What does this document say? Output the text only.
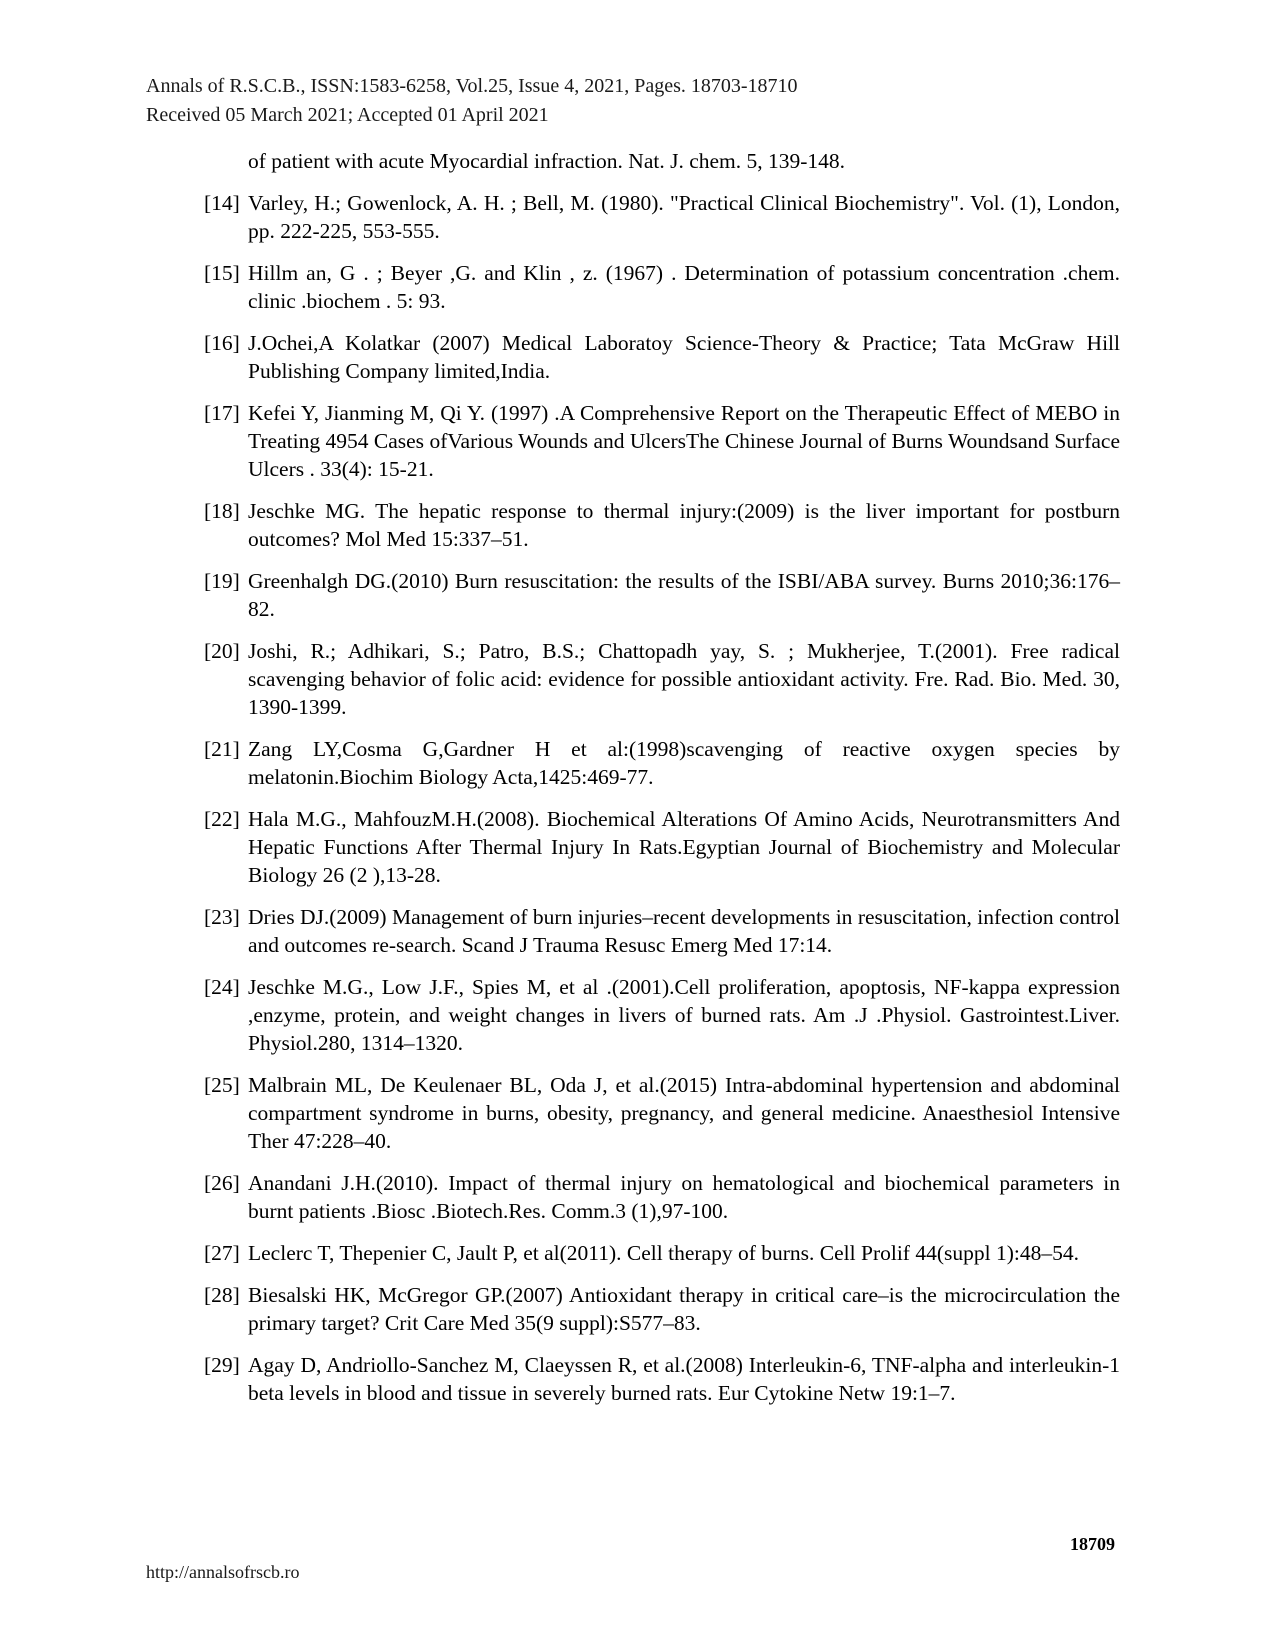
Annals of R.S.C.B., ISSN:1583-6258, Vol.25, Issue 4, 2021, Pages. 18703-18710
Received 05 March 2021; Accepted 01 April 2021
of patient with acute Myocardial infraction. Nat. J. chem. 5, 139-148.
[14] Varley, H.; Gowenlock, A. H. ; Bell, M. (1980). "Practical Clinical Biochemistry". Vol. (1), London, pp. 222-225, 553-555.
[15] Hillm an, G . ; Beyer ,G. and Klin , z. (1967) . Determination of potassium concentration .chem. clinic .biochem . 5: 93.
[16] J.Ochei,A Kolatkar (2007) Medical Laboratoy Science-Theory & Practice; Tata McGraw Hill Publishing Company limited,India.
[17] Kefei Y, Jianming M, Qi Y. (1997) .A Comprehensive Report on the Therapeutic Effect of MEBO in Treating 4954 Cases ofVarious Wounds and UlcersThe Chinese Journal of Burns Woundsand Surface Ulcers . 33(4): 15-21.
[18] Jeschke MG. The hepatic response to thermal injury:(2009) is the liver important for postburn outcomes? Mol Med 15:337–51.
[19] Greenhalgh DG.(2010) Burn resuscitation: the results of the ISBI/ABA survey. Burns 2010;36:176–82.
[20] Joshi, R.; Adhikari, S.; Patro, B.S.; Chattopadh yay, S. ; Mukherjee, T.(2001). Free radical scavenging behavior of folic acid: evidence for possible antioxidant activity. Fre. Rad. Bio. Med. 30, 1390-1399.
[21] Zang LY,Cosma G,Gardner H et al:(1998)scavenging of reactive oxygen species by melatonin.Biochim Biology Acta,1425:469-77.
[22] Hala M.G., MahfouzM.H.(2008). Biochemical Alterations Of Amino Acids, Neurotransmitters And Hepatic Functions After Thermal Injury In Rats.Egyptian Journal of Biochemistry and Molecular Biology 26 (2 ),13-28.
[23] Dries DJ.(2009) Management of burn injuries–recent developments in resuscitation, infection control and outcomes re-search. Scand J Trauma Resusc Emerg Med 17:14.
[24] Jeschke M.G., Low J.F., Spies M, et al .(2001).Cell proliferation, apoptosis, NF-kappa expression ,enzyme, protein, and weight changes in livers of burned rats. Am .J .Physiol. Gastrointest.Liver. Physiol.280, 1314–1320.
[25] Malbrain ML, De Keulenaer BL, Oda J, et al.(2015) Intra-abdominal hypertension and abdominal compartment syndrome in burns, obesity, pregnancy, and general medicine. Anaesthesiol Intensive Ther 47:228–40.
[26] Anandani J.H.(2010). Impact of thermal injury on hematological and biochemical parameters in burnt patients .Biosc .Biotech.Res. Comm.3 (1),97-100.
[27] Leclerc T, Thepenier C, Jault P, et al(2011). Cell therapy of burns. Cell Prolif 44(suppl 1):48–54.
[28] Biesalski HK, McGregor GP.(2007) Antioxidant therapy in critical care–is the microcirculation the primary target? Crit Care Med 35(9 suppl):S577–83.
[29] Agay D, Andriollo-Sanchez M, Claeyssen R, et al.(2008) Interleukin-6, TNF-alpha and interleukin-1 beta levels in blood and tissue in severely burned rats. Eur Cytokine Netw 19:1–7.
18709
http://annalsofrscb.ro
